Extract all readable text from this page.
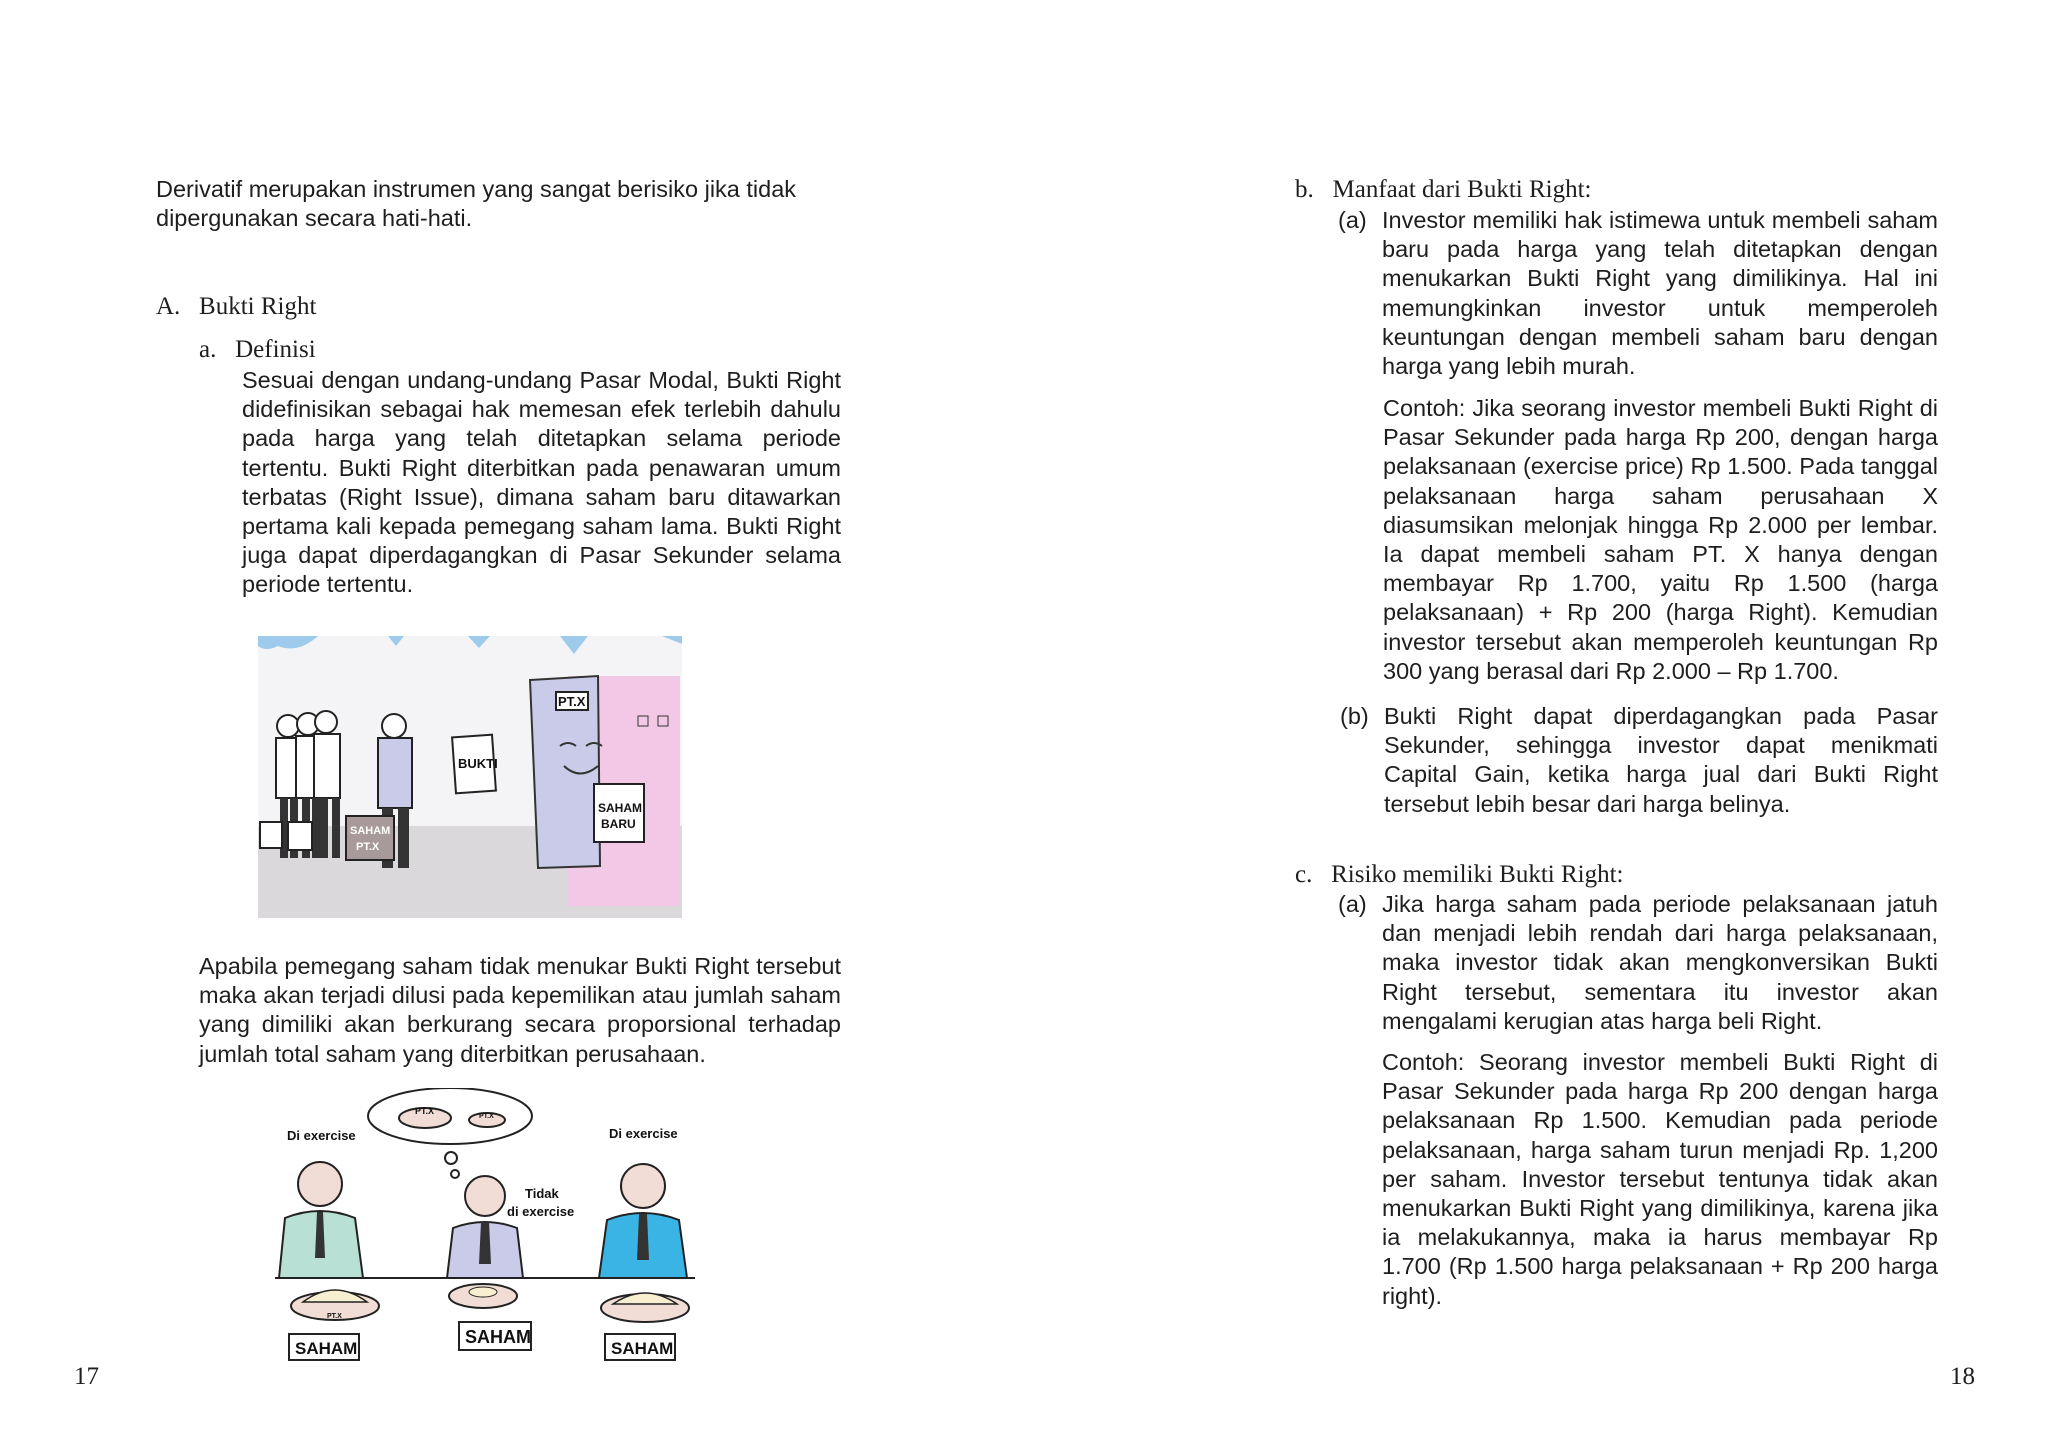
Derivatif merupakan instrumen yang sangat berisiko jika tidak dipergunakan secara hati-hati.

A.   Bukti Right
a.   Definisi

Sesuai dengan undang-undang Pasar Modal, Bukti Right didefinisikan sebagai hak memesan efek terlebih dahulu pada harga yang telah ditetapkan selama periode tertentu. Bukti Right diterbitkan pada penawaran umum terbatas (Right Issue), dimana saham baru ditawarkan pertama kali kepada pemegang saham lama. Bukti Right juga dapat diperdagangkan di Pasar Sekunder selama periode tertentu.

PT.X
BUKTI
SAHAM
BARU
SAHAM
PT.X

Apabila pemegang saham tidak menukar Bukti Right tersebut maka akan terjadi dilusi pada kepemilikan atau jumlah saham yang dimiliki akan berkurang secara proporsional terhadap jumlah total saham yang diterbitkan perusahaan.

PT.X
PT.X
Di exercise	Di exercise
Tidak
di exercise
PT.X
SAHAM
SAHAM
SAHAM
17
b.   Manfaat dari Bukti Right:
(a) Investor memiliki hak istimewa untuk membeli saham baru pada harga yang telah ditetapkan dengan menukarkan Bukti Right yang dimilikinya. Hal ini memungkinkan investor untuk memperoleh keuntungan dengan membeli saham baru dengan harga yang lebih murah.

Contoh: Jika seorang investor membeli Bukti Right di Pasar Sekunder pada harga Rp 200, dengan harga pelaksanaan (exercise price) Rp 1.500. Pada tanggal pelaksanaan harga saham perusahaan X diasumsikan melonjak hingga Rp 2.000 per lembar. Ia dapat membeli saham PT. X hanya dengan membayar Rp 1.700, yaitu Rp 1.500 (harga pelaksanaan) + Rp 200 (harga Right). Kemudian investor tersebut akan memperoleh keuntungan Rp 300 yang berasal dari Rp 2.000 – Rp 1.700.

(b) Bukti Right dapat diperdagangkan pada Pasar Sekunder, sehingga investor dapat menikmati Capital Gain, ketika harga jual dari Bukti Right tersebut lebih besar dari harga belinya.
c.   Risiko memiliki Bukti Right:
(a) Jika harga saham pada periode pelaksanaan jatuh dan menjadi lebih rendah dari harga pelaksanaan, maka investor tidak akan mengkonversikan Bukti Right tersebut, sementara itu investor akan mengalami kerugian atas harga beli Right.

Contoh: Seorang investor membeli Bukti Right di Pasar Sekunder pada harga Rp 200 dengan harga pelaksanaan Rp 1.500. Kemudian pada periode pelaksanaan, harga saham turun menjadi Rp. 1,200 per saham. Investor tersebut tentunya tidak akan menukarkan Bukti Right yang dimilikinya, karena jika ia melakukannya, maka ia harus membayar Rp 1.700 (Rp 1.500 harga pelaksanaan + Rp 200 harga right).

18
